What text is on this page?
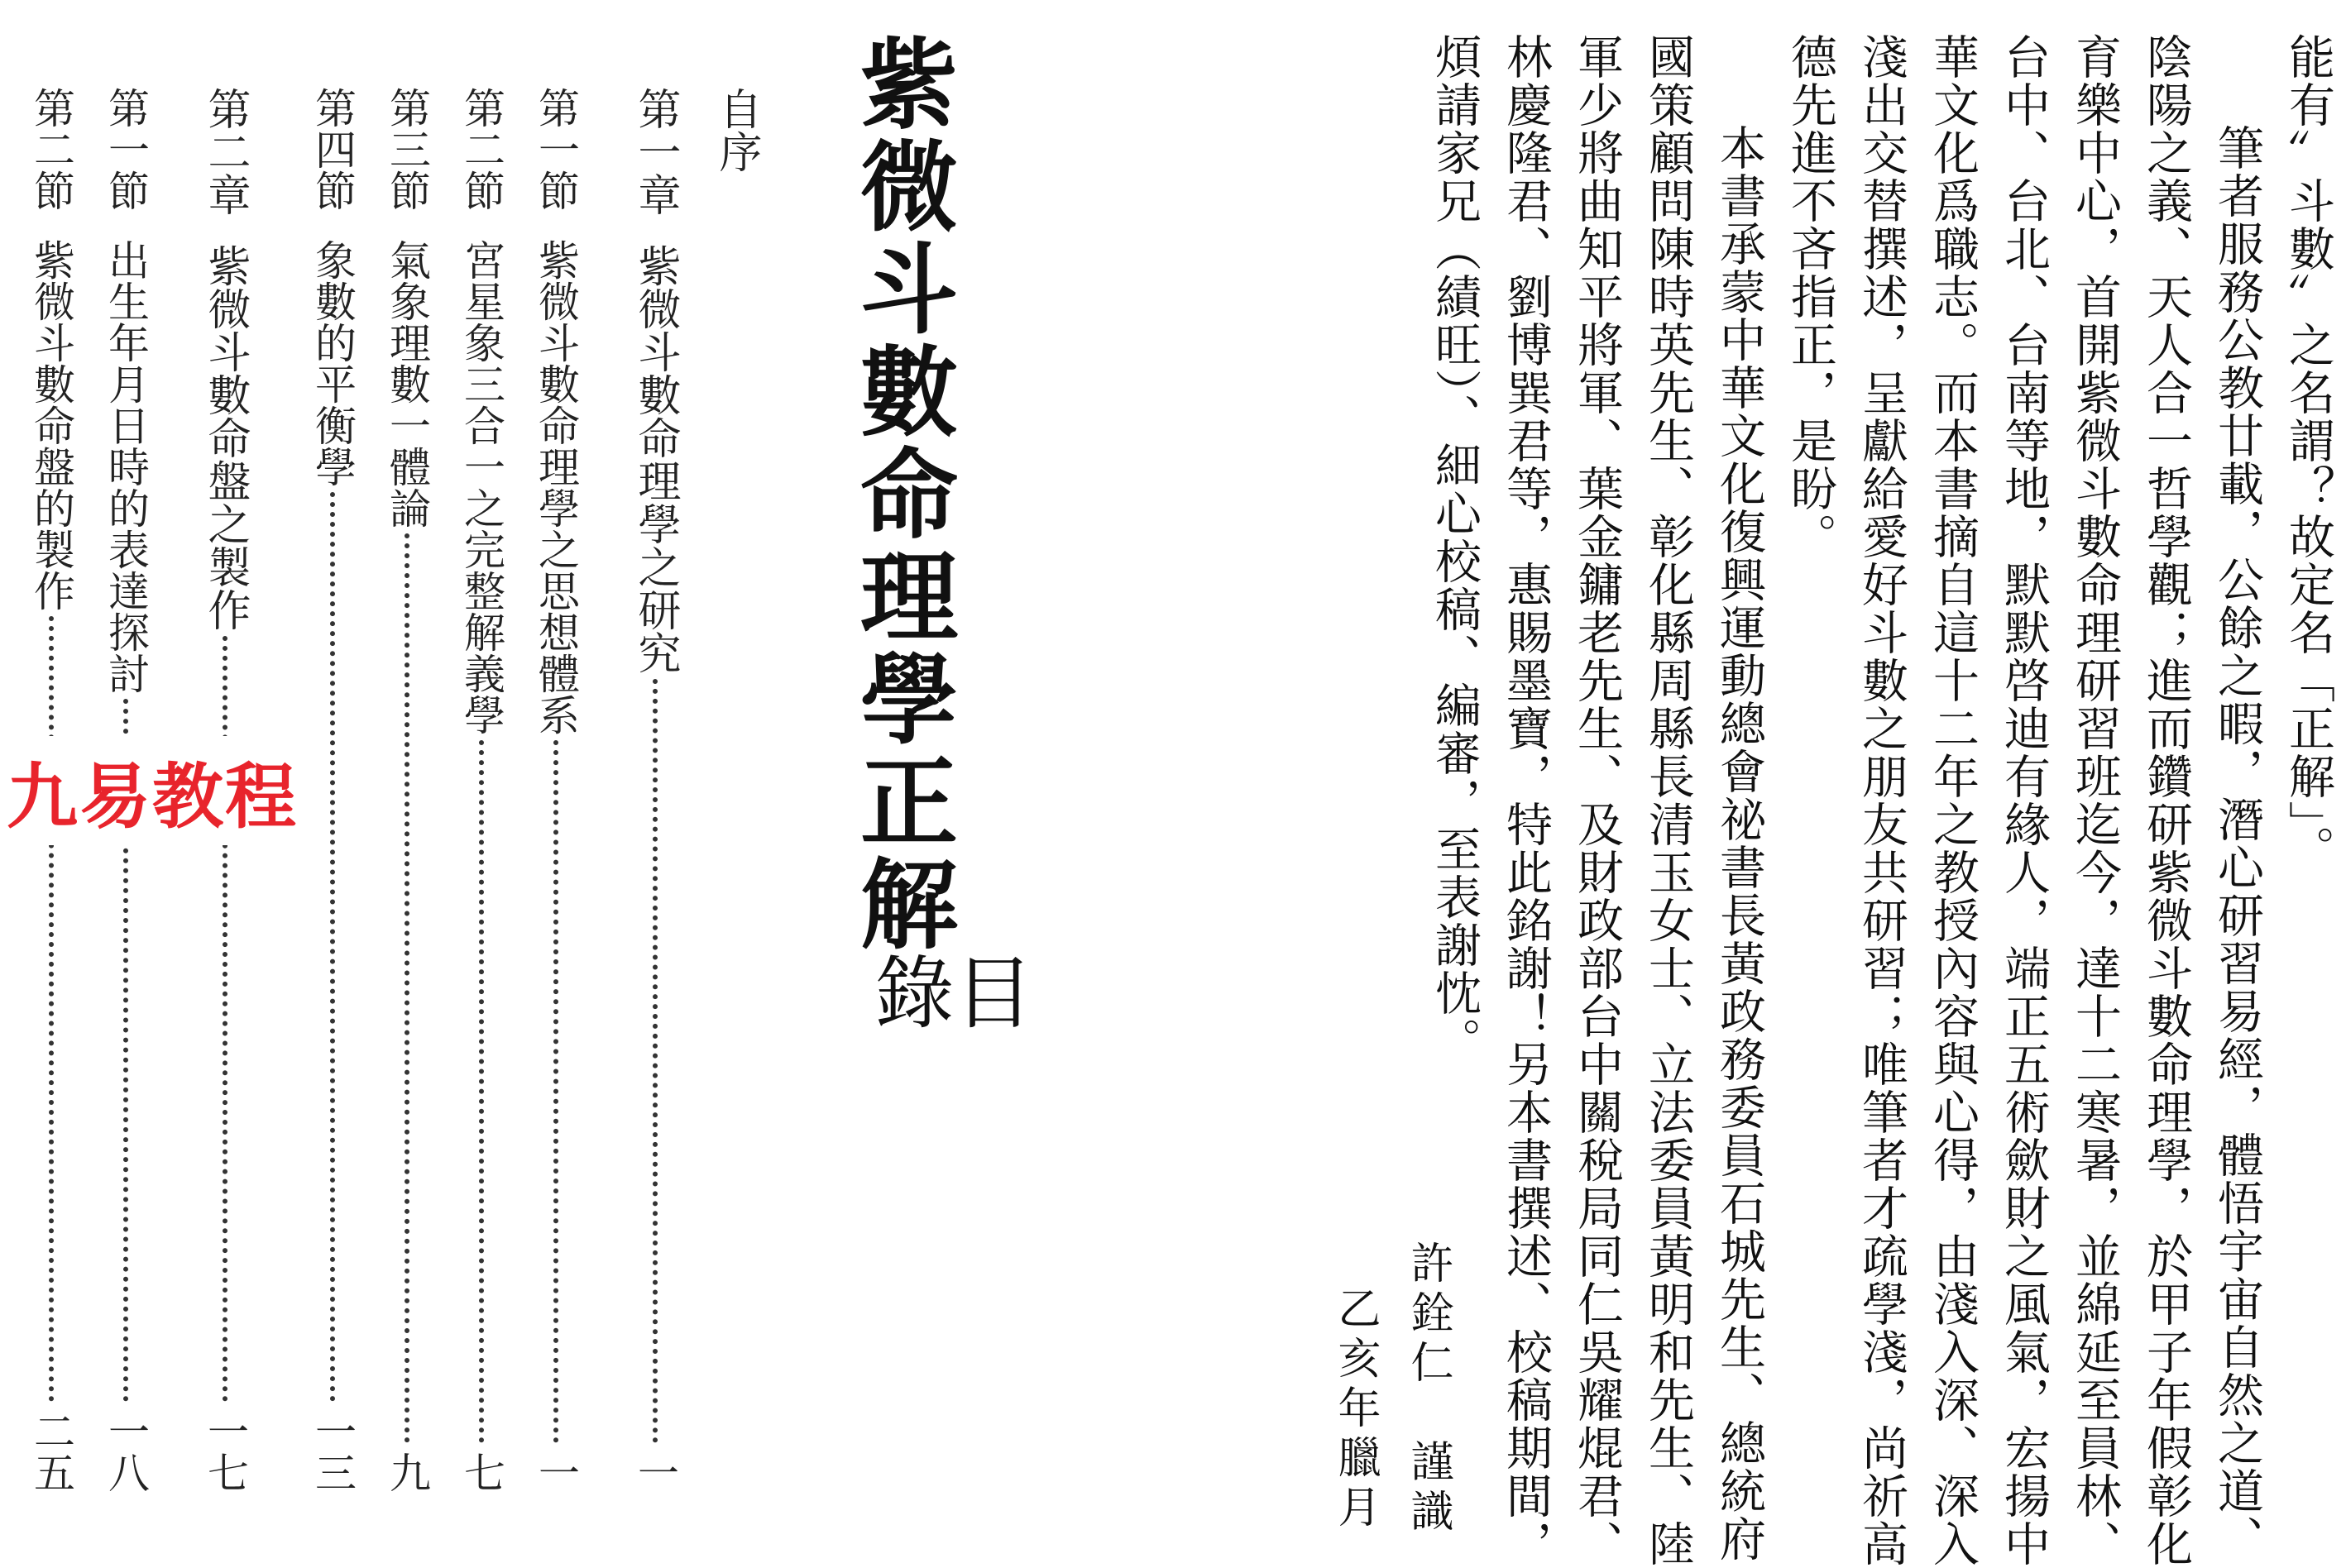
紫微斗數命理學正解
目
錄
自序
第一章
紫微斗數命理學之研究
一
第一節
紫微斗數命理學之思想體系
一
第二節
宮星象三合一之完整解義學
七
第三節
氣象理數一體論
九
第四節
象數的平衡學
一三
第二章
紫微斗數命盤之製作
一七
第一節
出生年月日時的表達探討
一八
第二節
紫微斗數命盤的製作
二五
九易教程	能有〞斗數〞之名謂？故定名「正解」。
筆者服務公教廿載，公餘之暇，潛心研習易經，體悟宇宙自然之道、
陰陽之義、天人合一哲學觀；進而鑽研紫微斗數命理學，於甲子年假彰化
育樂中心，首開紫微斗數命理研習班迄今，達十二寒暑，並綿延至員林、
台中、台北、台南等地，默默啓迪有緣人，端正五術歛財之風氣，宏揚中
華文化爲職志。而本書摘自這十二年之教授內容與心得，由淺入深、深入
淺出交替撰述，呈獻給愛好斗數之朋友共研習；唯筆者才疏學淺，尚祈高
德先進不吝指正，是盼。
本書承蒙中華文化復興運動總會祕書長黃政務委員石城先生、總統府
國策顧問陳時英先生、彰化縣周縣長清玉女士、立法委員黃明和先生、陸
軍少將曲知平將軍、葉金鏞老先生、及財政部台中關稅局同仁吳耀焜君、
林慶隆君、劉博巽君等，惠賜墨寶，特此銘謝！另本書撰述、校稿期間，
煩請家兄（績旺）、細心校稿、編審，至表謝忱。
許銓仁　謹識
乙亥年臘月
